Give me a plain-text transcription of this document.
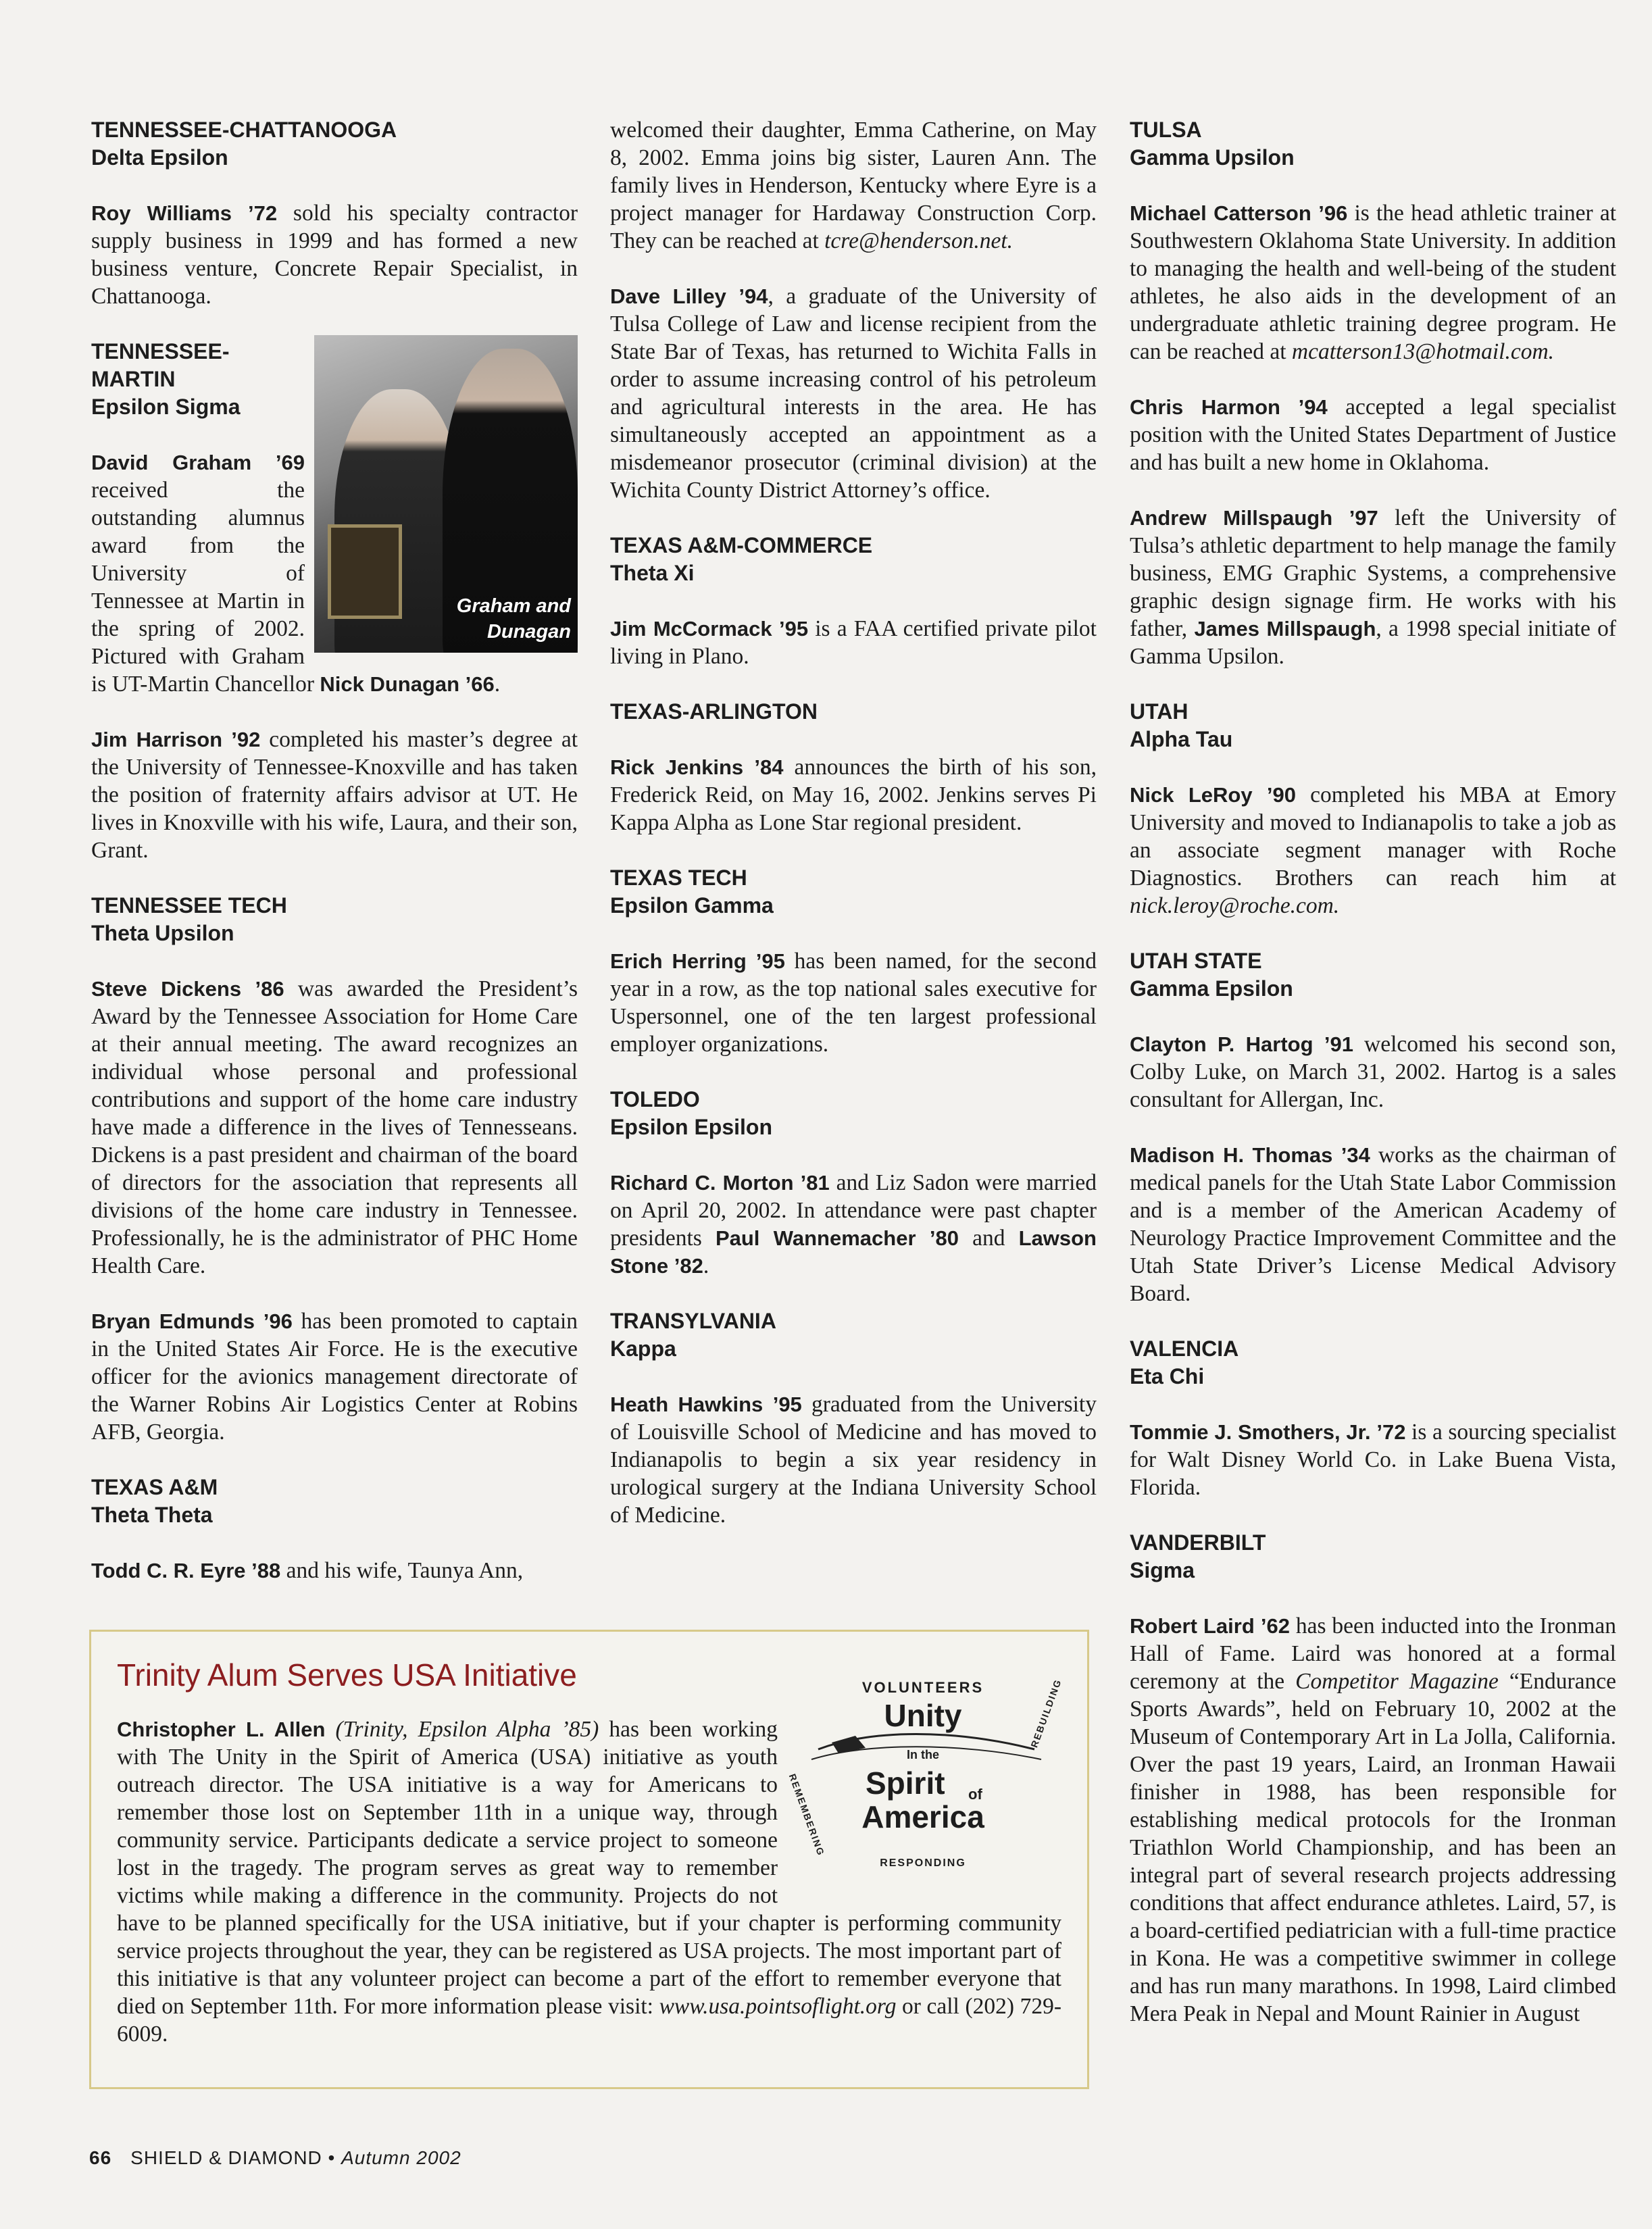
TENNESSEE-CHATTANOOGA
Delta Epsilon

Roy Williams ’72 sold his specialty contractor supply business in 1999 and has formed a new business venture, Concrete Repair Specialist, in Chattanooga.

Graham and
Dunagan
TENNESSEE-
MARTIN
Epsilon Sigma

David Graham ’69 received the outstanding alumnus award from the University of Tennessee at Martin in the spring of 2002. Pictured with Graham is UT-Martin Chancellor Nick Dunagan ’66.

Jim Harrison ’92 completed his master’s degree at the University of Tennessee-Knoxville and has taken the position of fraternity affairs advisor at UT. He lives in Knoxville with his wife, Laura, and their son, Grant.

TENNESSEE TECH
Theta Upsilon

Steve Dickens ’86 was awarded the President’s Award by the Tennessee Association for Home Care at their annual meeting. The award recognizes an individual whose personal and professional contributions and support of the home care industry have made a difference in the lives of Tennesseans. Dickens is a past president and chairman of the board of directors for the association that represents all divisions of the home care industry in Tennessee. Professionally, he is the administrator of PHC Home Health Care.

Bryan Edmunds ’96 has been promoted to captain in the United States Air Force. He is the executive officer for the avionics management directorate of the Warner Robins Air Logistics Center at Robins AFB, Georgia.

TEXAS A&M
Theta Theta

Todd C. R. Eyre ’88 and his wife, Taunya Ann,

welcomed their daughter, Emma Catherine, on May 8, 2002. Emma joins big sister, Lauren Ann. The family lives in Henderson, Kentucky where Eyre is a project manager for Hardaway Construction Corp. They can be reached at tcre@henderson.net.

Dave Lilley ’94, a graduate of the University of Tulsa College of Law and license recipient from the State Bar of Texas, has returned to Wichita Falls in order to assume increasing control of his petroleum and agricultural interests in the area. He has simultaneously accepted an appointment as a misdemeanor prosecutor (criminal division) at the Wichita County District Attorney’s office.

TEXAS A&M-COMMERCE
Theta Xi

Jim McCormack ’95 is a FAA certified private pilot living in Plano.

TEXAS-ARLINGTON

Rick Jenkins ’84 announces the birth of his son, Frederick Reid, on May 16, 2002. Jenkins serves Pi Kappa Alpha as Lone Star regional president.

TEXAS TECH
Epsilon Gamma

Erich Herring ’95 has been named, for the second year in a row, as the top national sales executive for Uspersonnel, one of the ten largest professional employer organizations.

TOLEDO
Epsilon Epsilon

Richard C. Morton ’81 and Liz Sadon were married on April 20, 2002. In attendance were past chapter presidents Paul Wannemacher ’80 and Lawson Stone ’82.

TRANSYLVANIA
Kappa

Heath Hawkins ’95 graduated from the University of Louisville School of Medicine and has moved to Indianapolis to begin a six year residency in urological surgery at the Indiana University School of Medicine.

TULSA
Gamma Upsilon

Michael Catterson ’96 is the head athletic trainer at Southwestern Oklahoma State University. In addition to managing the health and well-being of the student athletes, he also aids in the development of an undergraduate athletic training degree program. He can be reached at mcatterson13@hotmail.com.

Chris Harmon ’94 accepted a legal specialist position with the United States Department of Justice and has built a new home in Oklahoma.

Andrew Millspaugh ’97 left the University of Tulsa’s athletic department to help manage the family business, EMG Graphic Systems, a comprehensive graphic design signage firm. He works with his father, James Millspaugh, a 1998 special initiate of Gamma Upsilon.

UTAH
Alpha Tau

Nick LeRoy ’90 completed his MBA at Emory University and moved to Indianapolis to take a job as an associate segment manager with Roche Diagnostics. Brothers can reach him at nick.leroy@roche.com.

UTAH STATE
Gamma Epsilon

Clayton P. Hartog ’91 welcomed his second son, Colby Luke, on March 31, 2002. Hartog is a sales consultant for Allergan, Inc.

Madison H. Thomas ’34 works as the chairman of medical panels for the Utah State Labor Commission and is a member of the American Academy of Neurology Practice Improvement Committee and the Utah State Driver’s License Medical Advisory Board.

VALENCIA
Eta Chi

Tommie J. Smothers, Jr. ’72 is a sourcing specialist for Walt Disney World Co. in Lake Buena Vista, Florida.

VANDERBILT
Sigma

Robert Laird ’62 has been inducted into the Ironman Hall of Fame. Laird was honored at a formal ceremony at the Competitor Magazine “Endurance Sports Awards”, held on February 10, 2002 at the Museum of Contemporary Art in La Jolla, California. Over the past 19 years, Laird, an Ironman Hawaii finisher in 1988, has been responsible for establishing medical protocols for the Ironman Triathlon World Championship, and has been an integral part of several research projects addressing conditions that affect endurance athletes. Laird, 57, is a board-certified pediatrician with a full-time practice in Kona. He was a competitive swimmer in college and has run many marathons. In 1998, Laird climbed Mera Peak in Nepal and Mount Rainier in August

Trinity Alum Serves USA Initiative	VOLUNTEERS
Unity
In the
Spirit of
America
REMEMBERING
REBUILDING
RESPONDING

Christopher L. Allen (Trinity, Epsilon Alpha ’85) has been working with The Unity in the Spirit of America (USA) initiative as youth outreach director. The USA initiative is a way for Americans to remember those lost on September 11th in a unique way, through community service. Participants dedicate a service project to someone lost in the tragedy. The program serves as great way to remember victims while making a difference in the community. Projects do not have to be planned specifically for the USA initiative, but if your chapter is performing community service projects throughout the year, they can be registered as USA projects. The most important part of this initiative is that any volunteer project can become a part of the effort to remember everyone that died on September 11th. For more information please visit: www.usa.pointsoflight.org or call (202) 729-6009.

66 SHIELD & DIAMOND • Autumn 2002
